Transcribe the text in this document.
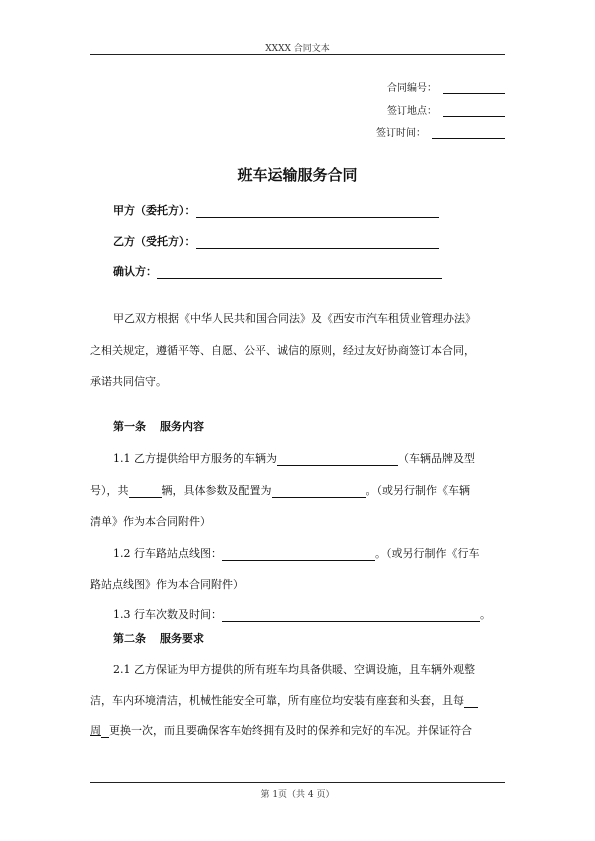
XXXX 合同文本
合同编号：
签订地点：
签订时间：
班车运输服务合同
甲方（委托方）：
乙方（受托方）：
确认方：
甲乙双方根据《中华人民共和国合同法》及《西安市汽车租赁业管理办法》
之相关规定，遵循平等、自愿、公平、诚信的原则，经过友好协商签订本合同，
承诺共同信守。
第一条 服务内容
1.1 乙方提供给甲方服务的车辆为	（车辆品牌及型
号），共	辆，具体参数及配置为	。（或另行制作《车辆
清单》作为本合同附件）
1.2 行车路站点线图：	。（或另行制作《行车
路站点线图》作为本合同附件）
1.3 行车次数及时间：	。
第二条 服务要求
2.1 乙方保证为甲方提供的所有班车均具备供暖、空调设施，且车辆外观整
洁，车内环境清洁，机械性能安全可靠，所有座位均安装有座套和头套，且每
周 更换一次，而且要确保客车始终拥有及时的保养和完好的车况。并保证符合
第 1页（共 4 页）
